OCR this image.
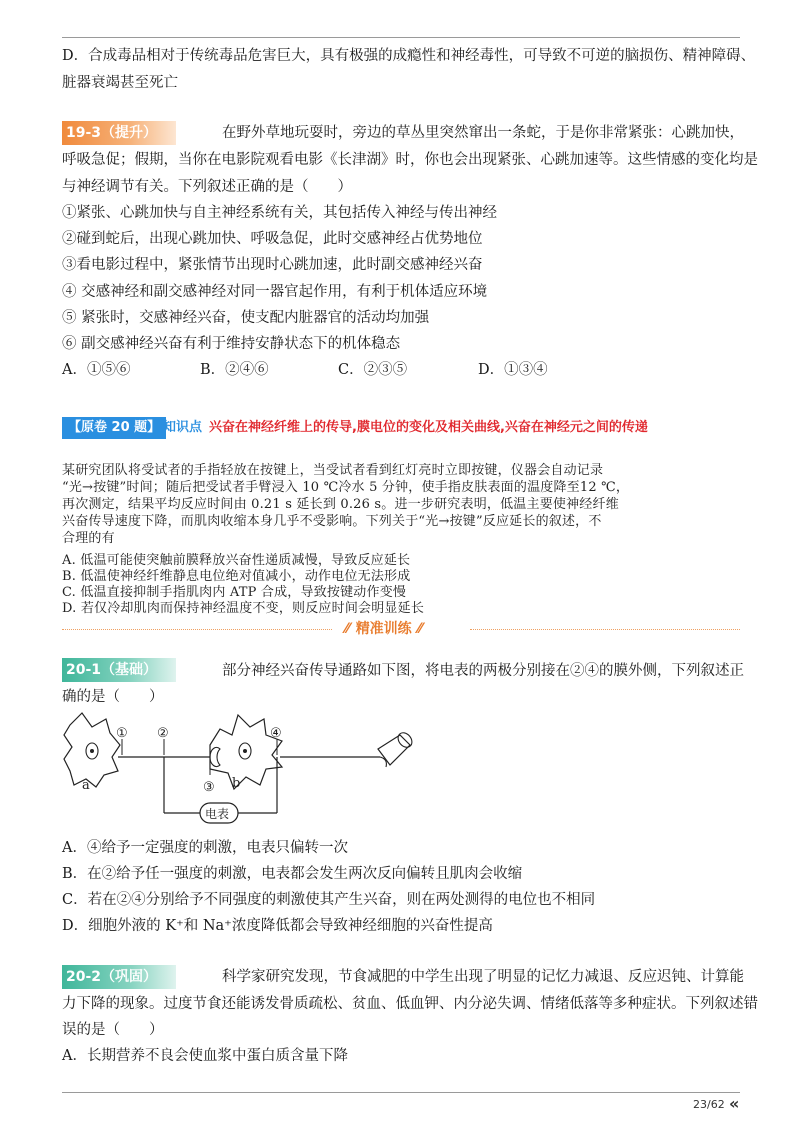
D．合成毒品相对于传统毒品危害巨大，具有极强的成瘾性和神经毒性，可导致不可逆的脑损伤、精神障碍、
脏器衰竭甚至死亡
19-3（提升）	在野外草地玩耍时，旁边的草丛里突然窜出一条蛇，于是你非常紧张：心跳加快，
呼吸急促；假期，当你在电影院观看电影《长津湖》时，你也会出现紧张、心跳加速等。这些情感的变化均是
与神经调节有关。下列叙述正确的是（　　）
①紧张、心跳加快与自主神经系统有关，其包括传入神经与传出神经
②碰到蛇后，出现心跳加快、呼吸急促，此时交感神经占优势地位
③看电影过程中，紧张情节出现时心跳加速，此时副交感神经兴奋
④ 交感神经和副交感神经对同一器官起作用，有利于机体适应环境
⑤ 紧张时，交感神经兴奋，使支配内脏器官的活动均加强
⑥ 副交感神经兴奋有利于维持安静状态下的机体稳态
A．①⑤⑥	B．②④⑥	C．②③⑤	D．①③④
【原卷 20 题】 知识点 兴奋在神经纤维上的传导,膜电位的变化及相关曲线,兴奋在神经元之间的传递
某研究团队将受试者的手指轻放在按键上，当受试者看到红灯亮时立即按键，仪器会自动记录
“光→按键”时间；随后把受试者手臂浸入 10 ℃冷水 5 分钟，使手指皮肤表面的温度降至12 ℃，
再次测定，结果平均反应时间由 0.21 s 延长到 0.26 s。进一步研究表明，低温主要使神经纤维
兴奋传导速度下降，而肌肉收缩本身几乎不受影响。下列关于“光→按键”反应延长的叙述，不
合理的有
A. 低温可能使突触前膜释放兴奋性递质减慢，导致反应延长
B. 低温使神经纤维静息电位绝对值减小，动作电位无法形成
C. 低温直接抑制手指肌肉内 ATP 合成，导致按键动作变慢
D. 若仅冷却肌肉而保持神经温度不变，则反应时间会明显延长
⁄⁄ 精准训练 ⁄⁄
20-1（基础）	部分神经兴奋传导通路如下图，将电表的两极分别接在②④的膜外侧，下列叙述正
确的是（　　）
① ②
③
④
a	b
电表
A．④给予一定强度的刺激，电表只偏转一次
B．在②给予任一强度的刺激，电表都会发生两次反向偏转且肌肉会收缩
C．若在②④分别给予不同强度的刺激使其产生兴奋，则在两处测得的电位也不相同
D．细胞外液的 K⁺和 Na⁺浓度降低都会导致神经细胞的兴奋性提高
20-2（巩固）	科学家研究发现，节食减肥的中学生出现了明显的记忆力减退、反应迟钝、计算能
力下降的现象。过度节食还能诱发骨质疏松、贫血、低血钾、内分泌失调、情绪低落等多种症状。下列叙述错
误的是（　　）
A．长期营养不良会使血浆中蛋白质含量下降
23/62 «
